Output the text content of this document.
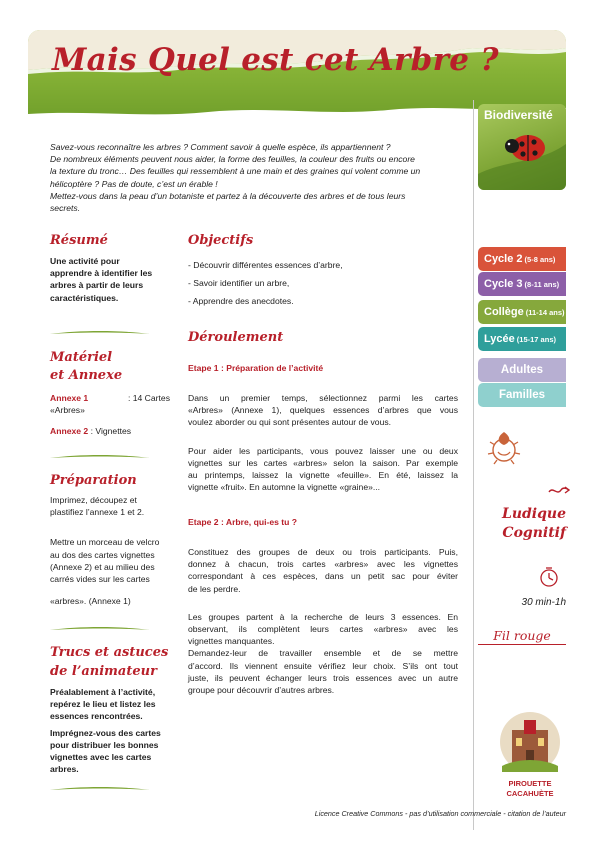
Mais Quel est cet Arbre ?
Savez-vous reconnaître les arbres ? Comment savoir à quelle espèce, ils appartiennent ?
De nombreux éléments peuvent nous aider, la forme des feuilles, la couleur des fruits ou encore
la texture du tronc… Des feuilles qui ressemblent à une main et des graines qui volent comme un
hélicoptère ? Pas de doute, c’est un érable !
Mettez-vous dans la peau d’un botaniste et partez à la découverte des arbres et de tous leurs
secrets.
Biodiversité
Cycle 2 (5-8 ans)
Cycle 3 (8-11 ans)
Collège (11-14 ans)
Lycée (15-17 ans)
Adultes
Familles
Ludique
Cognitif
30 min-1h
Fil rouge
PIROUETTE
CACAHUÈTE
Résumé
Une activité pour
apprendre à identifier les
arbres à partir de leurs
caractéristiques.
Matériel
et Annexe
Annexe 1	: 14 Cartes
«Arbres»
Annexe 2 : Vignettes
Préparation
Imprimez, découpez et
plastifiez l’annexe 1 et 2.
Mettre un morceau de velcro
au dos des cartes vignettes
(Annexe 2) et au milieu des
carrés vides sur les cartes
«arbres». (Annexe 1)
Trucs et astuces
de l’animateur
Préalablement à l’activité,
repérez le lieu et listez les
essences rencontrées.
Imprégnez-vous des cartes
pour distribuer les bonnes
vignettes avec les cartes
arbres.
Objectifs
- Découvrir différentes essences d’arbre,
- Savoir identifier un arbre,
- Apprendre des anecdotes.
Déroulement
Etape 1 : Préparation de l’activité
Dans un premier temps, sélectionnez parmi les cartes
«Arbres» (Annexe 1), quelques essences d’arbres que vous
voulez aborder ou qui sont présentes autour de vous.
Pour aider les participants, vous pouvez laisser une ou deux
vignettes sur les cartes «arbres» selon la saison. Par exemple
au printemps, laissez la vignette «feuille». En été, laissez la
vignette «fruit». En automne la vignette «graine»...
Etape 2 : Arbre, qui-es tu ?
Constituez des groupes de deux ou trois participants. Puis,
donnez à chacun, trois cartes «arbres» avec les vignettes
correspondant à ces espèces, dans un petit sac pour éviter
de les perdre.
Les groupes partent à la recherche de leurs 3 essences. En
observant, ils complètent leurs cartes «arbres» avec les
vignettes manquantes.
Demandez-leur de travailler ensemble et de se mettre
d’accord. Ils viennent ensuite vérifiez leur choix. S’ils ont tout
juste, ils peuvent échanger leurs trois essences avec un autre
groupe pour découvrir d’autres arbres.
Licence Creative Commons - pas d’utilisation commerciale - citation de l’auteur
